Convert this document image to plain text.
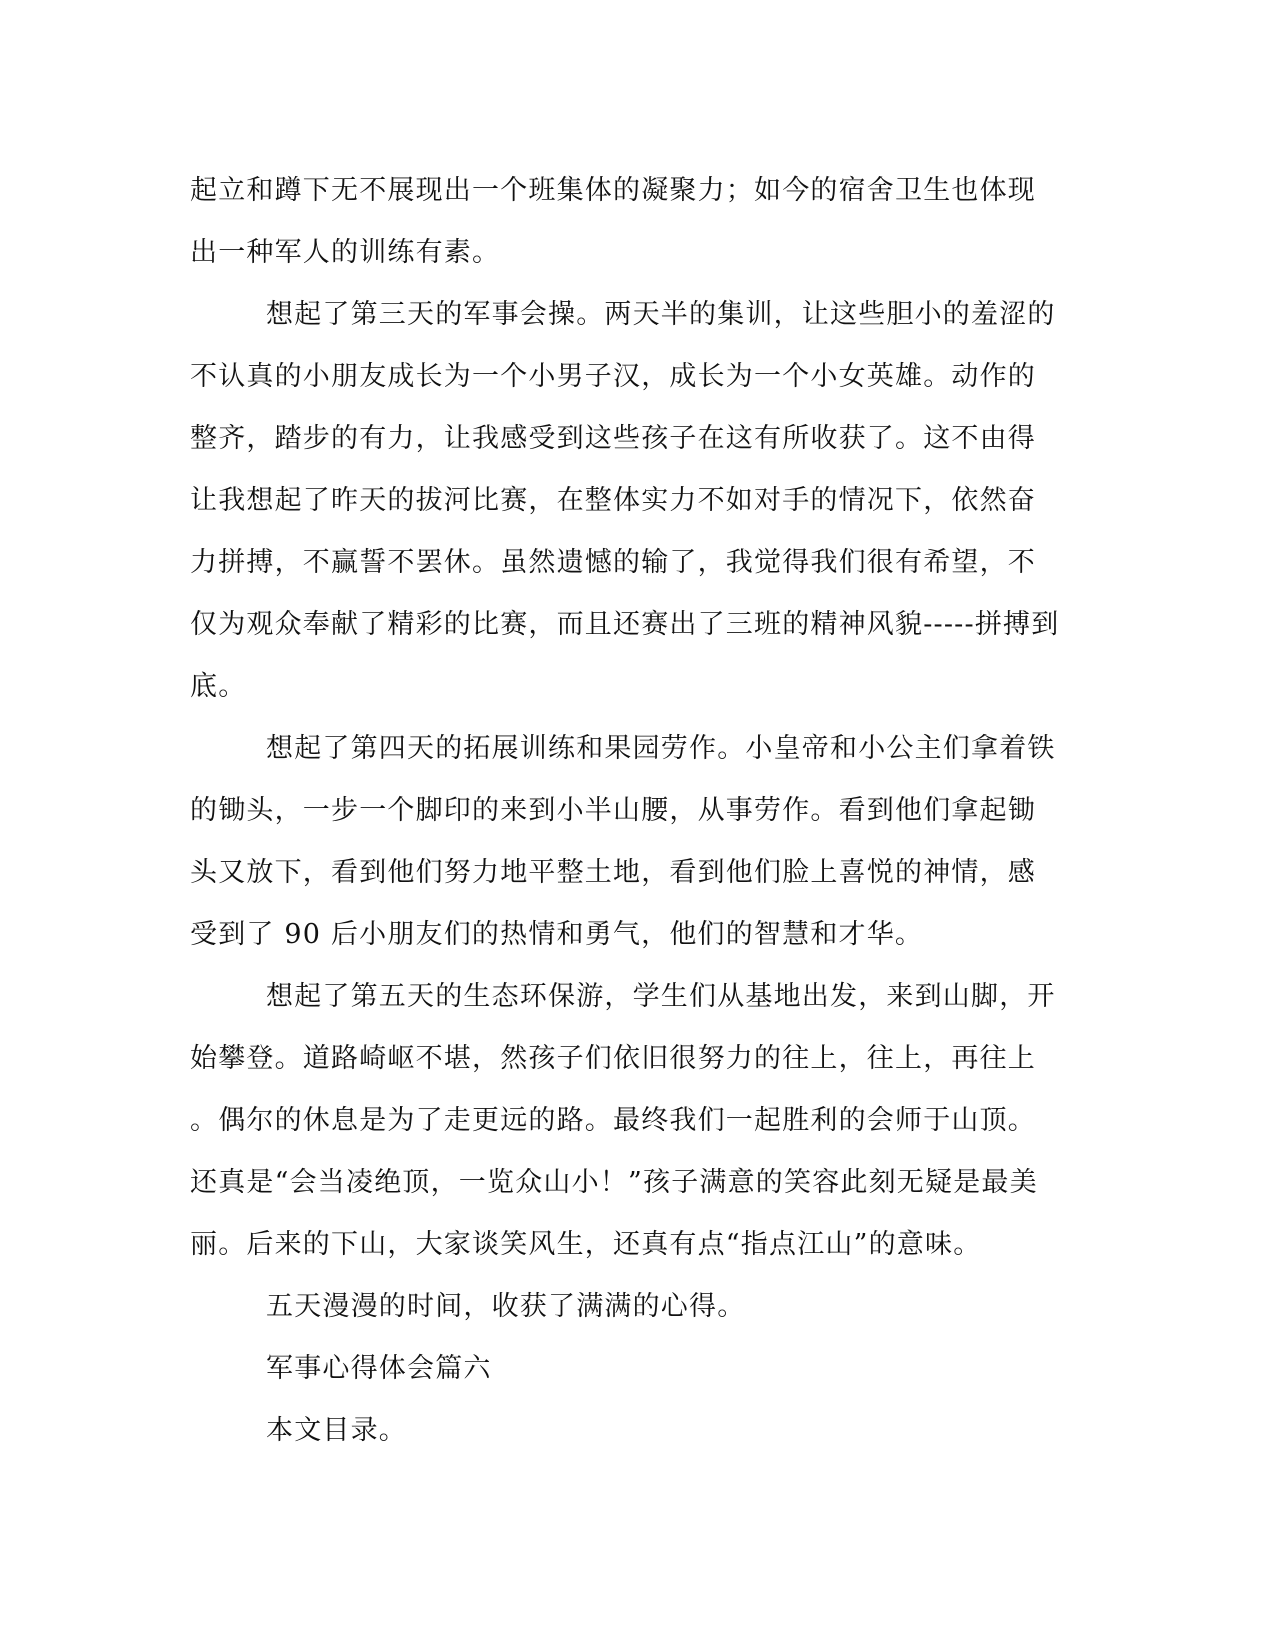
起立和蹲下无不展现出一个班集体的凝聚力；如今的宿舍卫生也体现
出一种军人的训练有素。
想起了第三天的军事会操。两天半的集训，让这些胆小的羞涩的
不认真的小朋友成长为一个小男子汉，成长为一个小女英雄。动作的
整齐，踏步的有力，让我感受到这些孩子在这有所收获了。这不由得
让我想起了昨天的拔河比赛，在整体实力不如对手的情况下，依然奋
力拼搏，不赢誓不罢休。虽然遗憾的输了，我觉得我们很有希望，不
仅为观众奉献了精彩的比赛，而且还赛出了三班的精神风貌-----拼搏到
底。
想起了第四天的拓展训练和果园劳作。小皇帝和小公主们拿着铁
的锄头，一步一个脚印的来到小半山腰，从事劳作。看到他们拿起锄
头又放下，看到他们努力地平整土地，看到他们脸上喜悦的神情，感
受到了 90 后小朋友们的热情和勇气，他们的智慧和才华。
想起了第五天的生态环保游，学生们从基地出发，来到山脚，开
始攀登。道路崎岖不堪，然孩子们依旧很努力的往上，往上，再往上
。偶尔的休息是为了走更远的路。最终我们一起胜利的会师于山顶。
还真是“会当凌绝顶，一览众山小！”孩子满意的笑容此刻无疑是最美
丽。后来的下山，大家谈笑风生，还真有点“指点江山”的意味。
五天漫漫的时间，收获了满满的心得。
军事心得体会篇六
本文目录。
